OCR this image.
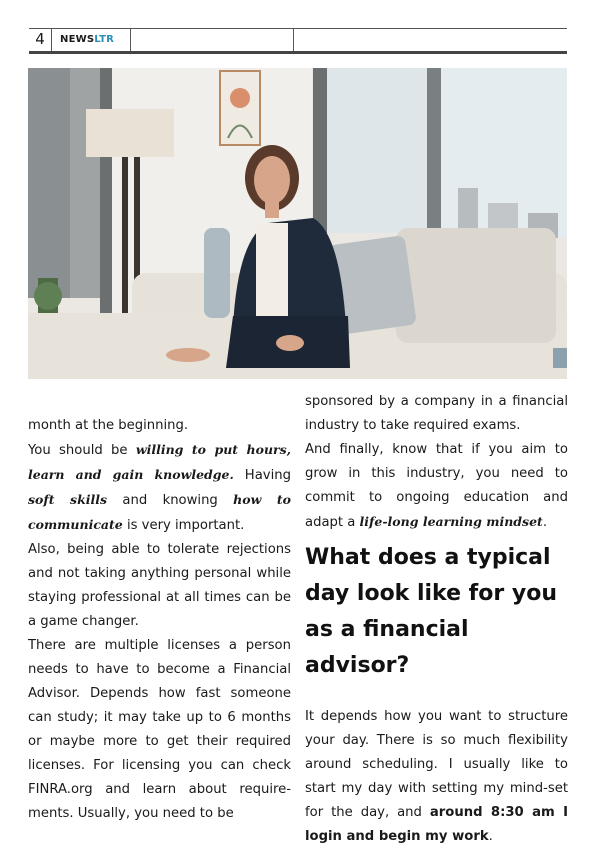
4	NEWSLTR

month at the beginning.

You should be willing to put hours, learn and gain knowledge. Having soft skills and knowing how to communicate is very important.

Also, being able to tolerate rejections and not taking anything personal while staying professional at all times can be a game changer.

There are multiple licenses a person needs to have to become a Financial Advisor. Depends how fast someone can study; it may take up to 6 months or maybe more to get their required licenses. For licensing you can check FINRA.org and learn about require-ments. Usually, you need to be

sponsored by a company in a financial industry to take required exams.

And finally, know that if you aim to grow in this industry, you need to commit to ongoing education and adapt a life-long learning mindset.

What does a typical day look like for you as a financial advisor?

It depends how you want to structure your day. There is so much flexibility around scheduling. I usually like to start my day with setting my mind-set for the day, and around 8:30 am I login and begin my work.
